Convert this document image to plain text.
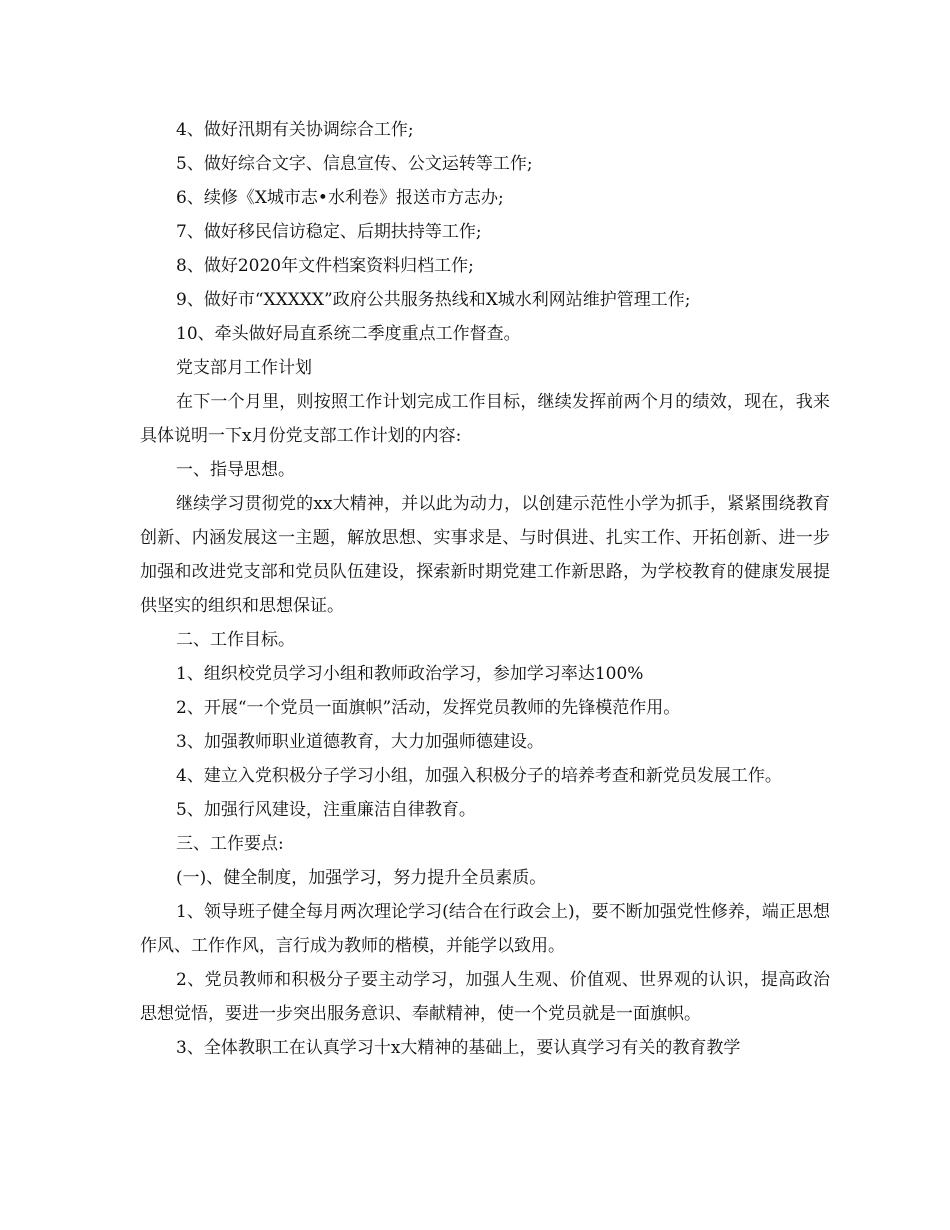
4、做好汛期有关协调综合工作;

5、做好综合文字、信息宣传、公文运转等工作;

6、续修《X城市志•水利卷》报送市方志办;

7、做好移民信访稳定、后期扶持等工作;

8、做好2020年文件档案资料归档工作;

9、做好市“XXXXX”政府公共服务热线和X城水利网站维护管理工作;

10、牵头做好局直系统二季度重点工作督查。

党支部月工作计划

在下一个月里，则按照工作计划完成工作目标，继续发挥前两个月的绩效，现在，我来具体说明一下x月份党支部工作计划的内容:

一、指导思想。

继续学习贯彻党的xx大精神，并以此为动力，以创建示范性小学为抓手，紧紧围绕教育创新、内涵发展这一主题，解放思想、实事求是、与时俱进、扎实工作、开拓创新、进一步加强和改进党支部和党员队伍建设，探索新时期党建工作新思路，为学校教育的健康发展提供坚实的组织和思想保证。

二、工作目标。

1、组织校党员学习小组和教师政治学习，参加学习率达100%

2、开展“一个党员一面旗帜”活动，发挥党员教师的先锋模范作用。

3、加强教师职业道德教育，大力加强师德建设。

4、建立入党积极分子学习小组，加强入积极分子的培养考查和新党员发展工作。

5、加强行风建设，注重廉洁自律教育。

三、工作要点:

(一)、健全制度，加强学习，努力提升全员素质。

1、领导班子健全每月两次理论学习(结合在行政会上)，要不断加强党性修养，端正思想作风、工作作风，言行成为教师的楷模，并能学以致用。

2、党员教师和积极分子要主动学习，加强人生观、价值观、世界观的认识，提高政治思想觉悟，要进一步突出服务意识、奉献精神，使一个党员就是一面旗帜。

3、全体教职工在认真学习十x大精神的基础上，要认真学习有关的教育教学
